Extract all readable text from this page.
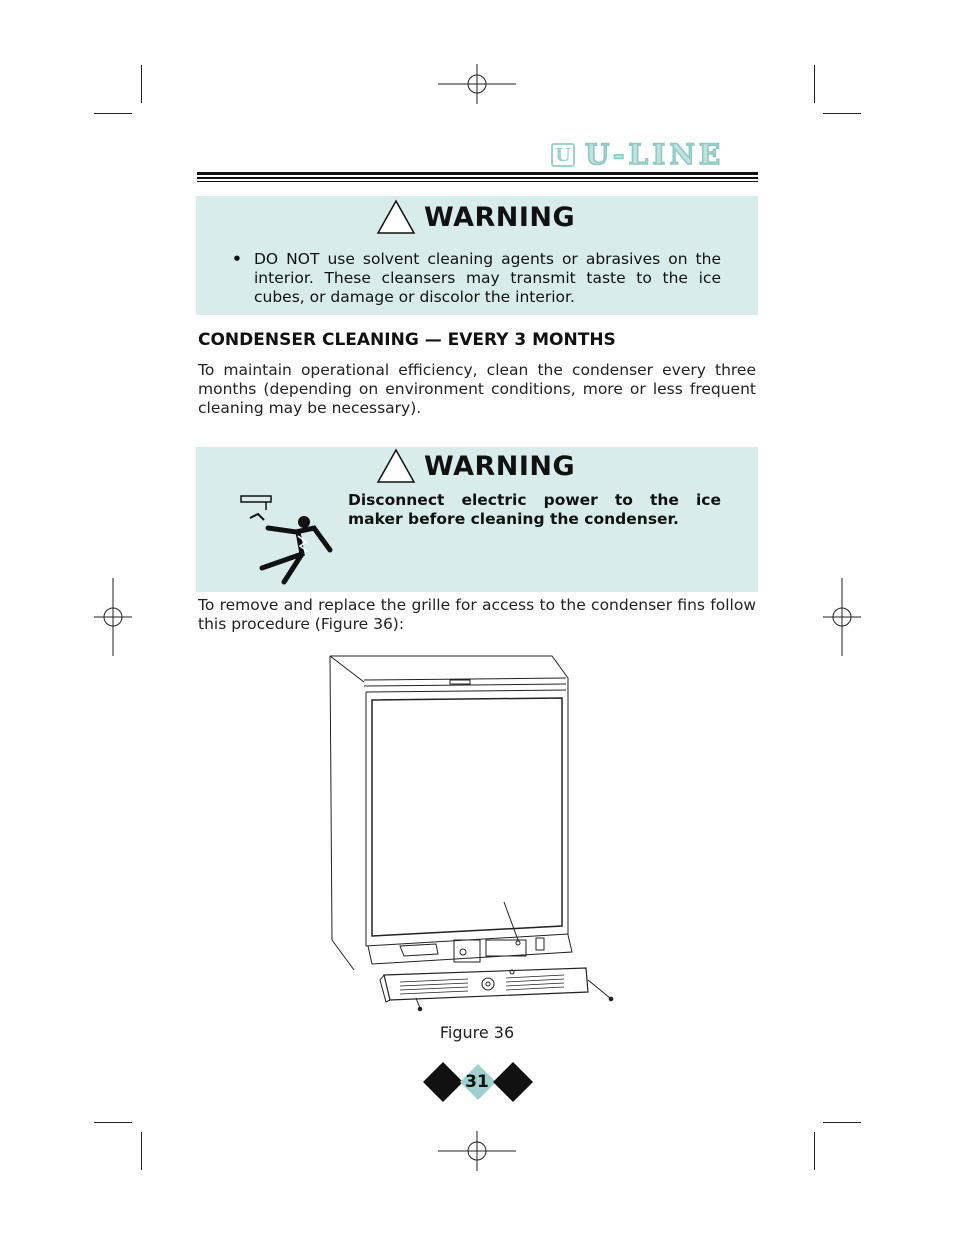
U U-LINE
WARNING
• DO NOT use solvent cleaning agents or abrasives on the interior. These cleansers may transmit taste to the ice cubes, or damage or discolor the interior.
CONDENSER CLEANING — EVERY 3 MONTHS
To maintain operational efficiency, clean the condenser every three months (depending on environment conditions, more or less frequent cleaning may be necessary).
WARNING
Disconnect electric power to the ice maker before cleaning the condenser.
To remove and replace the grille for access to the condenser fins follow this procedure (Figure 36):
Figure 36
31
